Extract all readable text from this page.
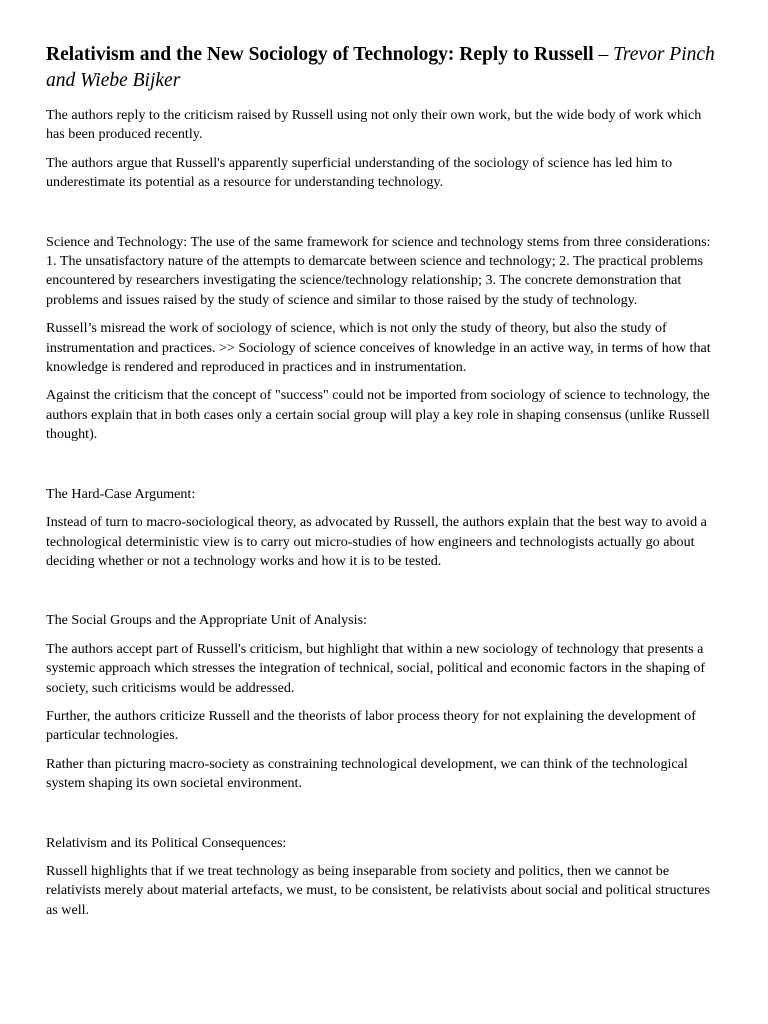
Relativism and the New Sociology of Technology: Reply to Russell – Trevor Pinch and Wiebe Bijker

The authors reply to the criticism raised by Russell using not only their own work, but the wide body of work which has been produced recently.

The authors argue that Russell's apparently superficial understanding of the sociology of science has led him to underestimate its potential as a resource for understanding technology.

Science and Technology: The use of the same framework for science and technology stems from three considerations: 1. The unsatisfactory nature of the attempts to demarcate between science and technology; 2. The practical problems encountered by researchers investigating the science/technology relationship; 3. The concrete demonstration that problems and issues raised by the study of science and similar to those raised by the study of technology.

Russell’s misread the work of sociology of science, which is not only the study of theory, but also the study of instrumentation and practices. >> Sociology of science conceives of knowledge in an active way, in terms of how that knowledge is rendered and reproduced in practices and in instrumentation.

Against the criticism that the concept of "success" could not be imported from sociology of science to technology, the authors explain that in both cases only a certain social group will play a key role in shaping consensus (unlike Russell thought).

The Hard-Case Argument:

Instead of turn to macro-sociological theory, as advocated by Russell, the authors explain that the best way to avoid a technological deterministic view is to carry out micro-studies of how engineers and technologists actually go about deciding whether or not a technology works and how it is to be tested.

The Social Groups and the Appropriate Unit of Analysis:

The authors accept part of Russell's criticism, but highlight that within a new sociology of technology that presents a systemic approach which stresses the integration of technical, social, political and economic factors in the shaping of society, such criticisms would be addressed.

Further, the authors criticize Russell and the theorists of labor process theory for not explaining the development of particular technologies.

Rather than picturing macro-society as constraining technological development, we can think of the technological system shaping its own societal environment.

Relativism and its Political Consequences:

Russell highlights that if we treat technology as being inseparable from society and politics, then we cannot be relativists merely about material artefacts, we must, to be consistent, be relativists about social and political structures as well.
